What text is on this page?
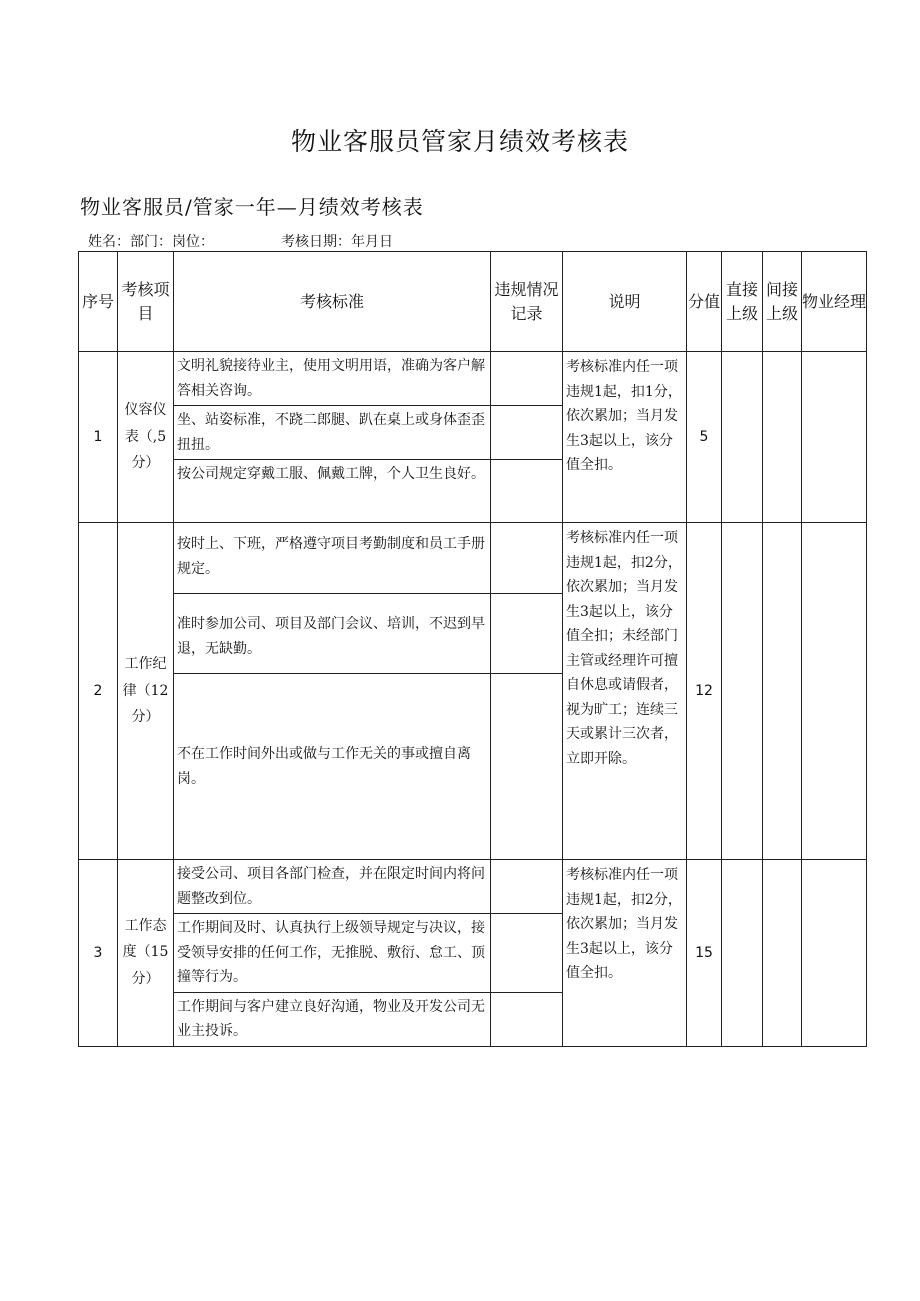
物业客服员管家月绩效考核表
物业客服员/管家一年—月绩效考核表
姓名：部门：岗位：	考核日期：年月日
序号	考核项目	考核标准	违规情况记录	说明	分值	直接上级	间接上级	物业经理
1	仪容仪表（,5分）	文明礼貌接待业主，使用文明用语，准确为客户解答相关咨询。		考核标准内任一项违规1起，扣1分，依次累加；当月发生3起以上，该分值全扣。	5			
		坐、站姿标准，不跷二郎腿、趴在桌上或身体歪歪扭扭。						
		按公司规定穿戴工服、佩戴工牌，个人卫生良好。						
2	工作纪律（12分）	按时上、下班，严格遵守项目考勤制度和员工手册规定。		考核标准内任一项违规1起，扣2分，依次累加；当月发生3起以上，该分值全扣；未经部门主管或经理许可擅自休息或请假者，视为旷工；连续三天或累计三次者，立即开除。	12			
		准时参加公司、项目及部门会议、培训，不迟到早退，无缺勤。						
		不在工作时间外出或做与工作无关的事或擅自离岗。						
3	工作态度（15分）	接受公司、项目各部门检查，并在限定时间内将问题整改到位。		考核标准内任一项违规1起，扣2分，依次累加；当月发生3起以上，该分值全扣。	15			
		工作期间及时、认真执行上级领导规定与决议，接受领导安排的任何工作，无推脱、敷衍、怠工、顶撞等行为。						
		工作期间与客户建立良好沟通，物业及开发公司无业主投诉。						
